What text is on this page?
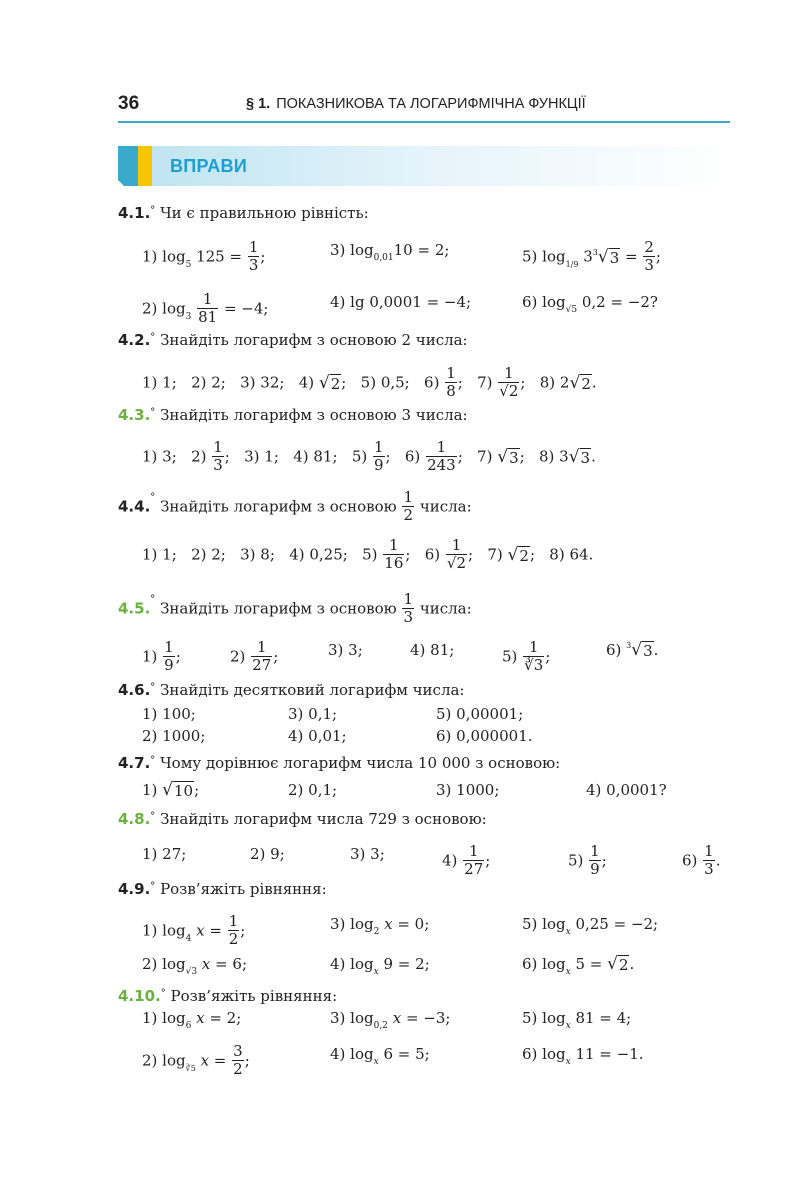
36	§ 1. ПОКАЗНИКОВА ТА ЛОГАРИФМІЧНА ФУНКЦІЇ
ВПРАВИ
4.1.° Чи є правильною рівність:
1) $\log_5 125 = \frac{1}{3}$ ;	3) $\log_{0,01}10 = 2$;	5) $\log_{1/9} 3^3√3 = \frac{2}{3}$ ;
2) $\log_3 \frac{1}{81} = -4$;	4) lg 0,0001 = −4;	6) $\log_{√5} 0,2 = -2$?
4.2.° Знайдіть логарифм з основою 2 числа:
1) 1;   2) 2;   3) 32;   4) √2;   5) 0,5;   $6) \frac{1}{8}$ ;   $7) \frac{1}{√2}$ ;   8) 2√2.
4.3.° Знайдіть логарифм з основою 3 числа:
1) 3;   $2) \frac{1}{3}$ ;   3) 1;   4) 81;   $5) \frac{1}{9}$ ;   $6) \frac{1}{243}$ ;   7) √3;   8) 3√3.
4.4.° Знайдіть логарифм з основою $\frac{1}{2}$ числа:
1) 1;   2) 2;   3) 8;   4) 0,25;   $5) \frac{1}{16}$ ;   $6) \frac{1}{√2}$ ;   7) √2;   8) 64.
4.5.° Знайдіть логарифм з основою $\frac{1}{3}$ числа:
$1) \frac{1}{9}$ ;	$2) \frac{1}{27}$ ;	3) 3;	4) 81;	$5) \frac{1}{∛3}$ ;	6) $^3$√3.
4.6.° Знайдіть десятковий логарифм числа:
1) 100;	3) 0,1;	5) 0,00001;
2) 1000;	4) 0,01;	6) 0,000001.
4.7.° Чому дорівнює логарифм числа 10 000 з основою:
1) √10;	2) 0,1;	3) 1000;	4) 0,0001?
4.8.° Знайдіть логарифм числа 729 з основою:
1) 27;	2) 9;	3) 3;	$4) \frac{1}{27}$ ;	$5) \frac{1}{9}$ ;	$6) \frac{1}{3}$ .
4.9.° Розв’яжіть рівняння:
1) $\log_4 x = \frac{1}{2}$ ;	3) $\log_2 x = 0$;	5) $\log_x 0,25 = -2$;
2) $\log_{√3} x = 6$;	4) $\log_x 9 = 2$;	6) $\log_x 5 = √2$.
4.10.° Розв’яжіть рівняння:
1) $\log_6 x = 2$;	3) $\log_{0,2} x = -3$;	5) $\log_x 81 = 4$;
2) $\log_{∛5} x = \frac{3}{2}$ ;	4) $\log_x 6 = 5$;	6) $\log_x 11 = -1$.
